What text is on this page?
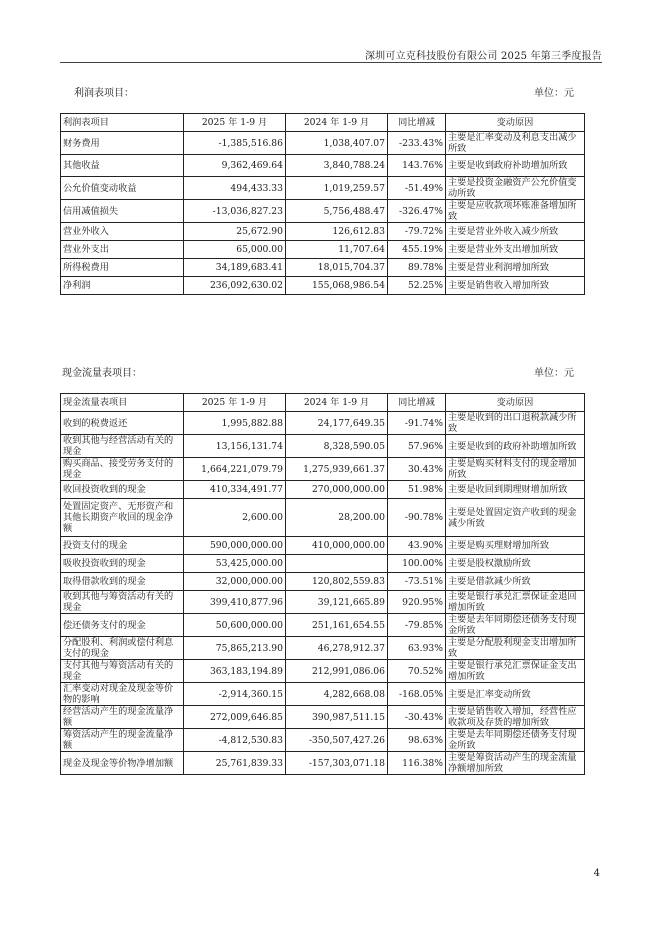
深圳可立克科技股份有限公司 2025 年第三季度报告
利润表项目：	单位：元
利润表项目	2025 年 1-9 月	2024 年 1-9 月	同比增减	变动原因
财务费用	-1,385,516.86	1,038,407.07	-233.43%	主要是汇率变动及利息支出减少所致
其他收益	9,362,469.64	3,840,788.24	143.76%	主要是收到政府补助增加所致
公允价值变动收益	494,433.33	1,019,259.57	-51.49%	主要是投资金融资产公允价值变动所致
信用减值损失	-13,036,827.23	5,756,488.47	-326.47%	主要是应收款项坏账准备增加所致
营业外收入	25,672.90	126,612.83	-79.72%	主要是营业外收入减少所致
营业外支出	65,000.00	11,707.64	455.19%	主要是营业外支出增加所致
所得税费用	34,189,683.41	18,015,704.37	89.78%	主要是营业利润增加所致
净利润	236,092,630.02	155,068,986.54	52.25%	主要是销售收入增加所致
现金流量表项目：	单位：元
现金流量表项目	2025 年 1-9 月	2024 年 1-9 月	同比增减	变动原因
收到的税费返还	1,995,882.88	24,177,649.35	-91.74%	主要是收到的出口退税款减少所致
收到其他与经营活动有关的现金	13,156,131.74	8,328,590.05	57.96%	主要是收到的政府补助增加所致
购买商品、接受劳务支付的现金	1,664,221,079.79	1,275,939,661.37	30.43%	主要是购买材料支付的现金增加所致
收回投资收到的现金	410,334,491.77	270,000,000.00	51.98%	主要是收回到期理财增加所致
处置固定资产、无形资产和其他长期资产收回的现金净额	2,600.00	28,200.00	-90.78%	主要是处置固定资产收到的现金减少所致
投资支付的现金	590,000,000.00	410,000,000.00	43.90%	主要是购买理财增加所致
吸收投资收到的现金	53,425,000.00		100.00%	主要是股权激励所致
取得借款收到的现金	32,000,000.00	120,802,559.83	-73.51%	主要是借款减少所致
收到其他与筹资活动有关的现金	399,410,877.96	39,121,665.89	920.95%	主要是银行承兑汇票保证金退回增加所致
偿还债务支付的现金	50,600,000.00	251,161,654.55	-79.85%	主要是去年同期偿还债务支付现金所致
分配股利、利润或偿付利息支付的现金	75,865,213.90	46,278,912.37	63.93%	主要是分配股利现金支出增加所致
支付其他与筹资活动有关的现金	363,183,194.89	212,991,086.06	70.52%	主要是银行承兑汇票保证金支出增加所致
汇率变动对现金及现金等价物的影响	-2,914,360.15	4,282,668.08	-168.05%	主要是汇率变动所致
经营活动产生的现金流量净额	272,009,646.85	390,987,511.15	-30.43%	主要是销售收入增加，经营性应收款项及存货的增加所致
筹资活动产生的现金流量净额	-4,812,530.83	-350,507,427.26	98.63%	主要是去年同期偿还债务支付现金所致
现金及现金等价物净增加额	25,761,839.33	-157,303,071.18	116.38%	主要是筹资活动产生的现金流量净额增加所致
4
